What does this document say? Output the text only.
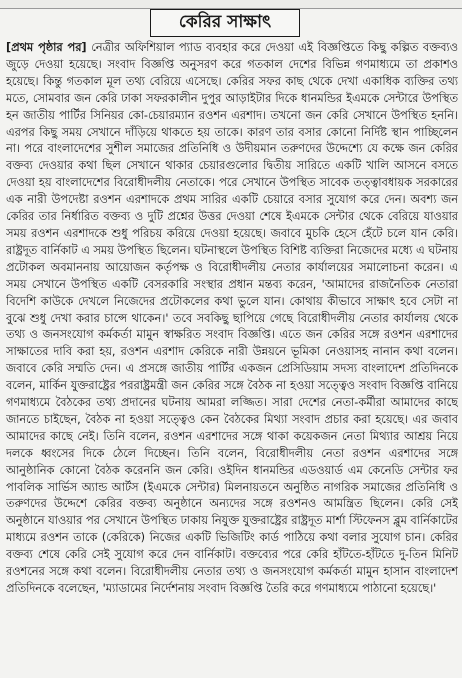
কেরির সাক্ষাৎ

[প্রথম পৃষ্ঠার পর] নেত্রীর অফিশিয়াল প্যাড ব্যবহার করে দেওয়া এই বিজ্ঞপ্তিতে কিছু কল্পিত বক্তব্যও জুড়ে দেওয়া হয়েছে। সংবাদ বিজ্ঞপ্তি অনুসরণ করে গতকাল দেশের বিভিন্ন গণমাধ্যমে তা প্রকাশও হয়েছে। কিন্তু গতকাল মূল তথ্য বেরিয়ে এসেছে। কেরির সফর কাছ থেকে দেখা একাধিক ব্যক্তির তথ্য মতে, সোমবার জন কেরি ঢাকা সফরকালীন দুপুর আড়াইটার দিকে ধানমন্ডির ইএমকে সেন্টারে উপস্থিত হন জাতীয় পার্টির সিনিয়র কো-চেয়ারম্যান রওশন এরশাদ। তখনো জন কেরি সেখানে উপস্থিত হননি। এরপর কিছু সময় সেখানে দাঁড়িয়ে থাকতে হয় তাকে। কারণ তার বসার কোনো নির্দিষ্ট স্থান পাচ্ছিলেন না। পরে বাংলাদেশের সুশীল সমাজের প্রতিনিধি ও উদীয়মান তরুণদের উদ্দেশ্যে যে কক্ষে জন কেরির বক্তব্য দেওয়ার কথা ছিল সেখানে থাকার চেয়ারগুলোর দ্বিতীয় সারিতে একটি খালি আসনে বসতে দেওয়া হয় বাংলাদেশের বিরোধীদলীয় নেতাকে। পরে সেখানে উপস্থিত সাবেক তত্ত্বাবধায়ক সরকারের এক নারী উপদেষ্টা রওশন এরশাদকে প্রথম সারির একটি চেয়ারে বসার সুযোগ করে দেন। অবশ্য জন কেরির তার নির্ধারিত বক্তব্য ও দুটি প্রশ্নের উত্তর দেওয়া শেষে ইএমকে সেন্টার থেকে বেরিয়ে যাওয়ার সময় রওশন এরশাদকে শুধু পরিচয় করিয়ে দেওয়া হয়েছে। জবাবে মুচকি হেসে হেঁটে চলে যান কেরি। রাষ্ট্রদূত বার্নিকাট এ সময় উপস্থিত ছিলেন। ঘটনাস্থলে উপস্থিত বিশিষ্ট ব্যক্তিরা নিজেদের মধ্যে এ ঘটনায় প্রটোকল অবমাননায় আয়োজন কর্তৃপক্ষ ও বিরোধীদলীয় নেতার কার্যালয়ের সমালোচনা করেন। এ সময় সেখানে উপস্থিত একটি বেসরকারি সংস্থার প্রধান মন্তব্য করেন, 'আমাদের রাজনৈতিক নেতারা বিদেশি কাউকে দেখলে নিজেদের প্রটোকলের কথা ভুলে যান। কোথায় কীভাবে সাক্ষাৎ হবে সেটা না বুঝে শুধু দেখা করার চান্সে থাকেন।' তবে সবকিছু ছাপিয়ে গেছে বিরোধীদলীয় নেতার কার্যালয় থেকে তথ্য ও জনসংযোগ কর্মকর্তা মামুন স্বাক্ষরিত সংবাদ বিজ্ঞপ্তি। এতে জন কেরির সঙ্গে রওশন এরশাদের সাক্ষাতের দাবি করা হয়, রওশন এরশাদ কেরিকে নারী উন্নয়নে ভূমিকা নেওয়াসহ নানান কথা বলেন। জবাবে কেরি সম্মতি দেন। এ প্রসঙ্গে জাতীয় পার্টির একজন প্রেসিডিয়াম সদস্য বাংলাদেশ প্রতিদিনকে বলেন, মার্কিন যুক্তরাষ্ট্রের পররাষ্ট্রমন্ত্রী জন কেরির সঙ্গে বৈঠক না হওয়া সত্ত্বেও সংবাদ বিজ্ঞপ্তি বানিয়ে গণমাধ্যমে বৈঠকের তথ্য প্রদানের ঘটনায় আমরা লজ্জিত। সারা দেশের নেতা-কর্মীরা আমাদের কাছে জানতে চাইছেন, বৈঠক না হওয়া সত্ত্বেও কেন বৈঠকের মিথ্যা সংবাদ প্রচার করা হয়েছে। এর জবাব আমাদের কাছে নেই। তিনি বলেন, রওশন এরশাদের সঙ্গে থাকা কয়েকজন নেতা মিথ্যার আশ্রয় নিয়ে দলকে ধ্বংসের দিকে ঠেলে দিচ্ছেন। তিনি বলেন, বিরোধীদলীয় নেতা রওশন এরশাদের সঙ্গে আনুষ্ঠানিক কোনো বৈঠক করেননি জন কেরি। ওইদিন ধানমন্ডির এডওয়ার্ড এম কেনেডি সেন্টার ফর পাবলিক সার্ভিস অ্যান্ড আর্টস (ইএমকে সেন্টার) মিলনায়তনে অনুষ্ঠিত নাগরিক সমাজের প্রতিনিধি ও তরুণদের উদ্দেশে কেরির বক্তব্য অনুষ্ঠানে অন্যদের সঙ্গে রওশনও আমন্ত্রিত ছিলেন। কেরি সেই অনুষ্ঠানে যাওয়ার পর সেখানে উপস্থিত ঢাকায় নিযুক্ত যুক্তরাষ্ট্রের রাষ্ট্রদূত মার্শা স্টিফেনস ব্লুম বার্নিকাটের মাধ্যমে রওশন তাকে (কেরিকে) নিজের একটি ভিজিটিং কার্ড পাঠিয়ে কথা বলার সুযোগ চান। কেরির বক্তব্য শেষে কেরি সেই সুযোগ করে দেন বার্নিকাট। বক্তব্যের পরে কেরি হাঁটতে-হাঁটতে দু-তিন মিনিট রওশনের সঙ্গে কথা বলেন। বিরোধীদলীয় নেতার তথ্য ও জনসংযোগ কর্মকর্তা মামুন হাসান বাংলাদেশ প্রতিদিনকে বলেছেন, 'ম্যাডামের নির্দেশনায় সংবাদ বিজ্ঞপ্তি তৈরি করে গণমাধ্যমে পাঠানো হয়েছে।'
